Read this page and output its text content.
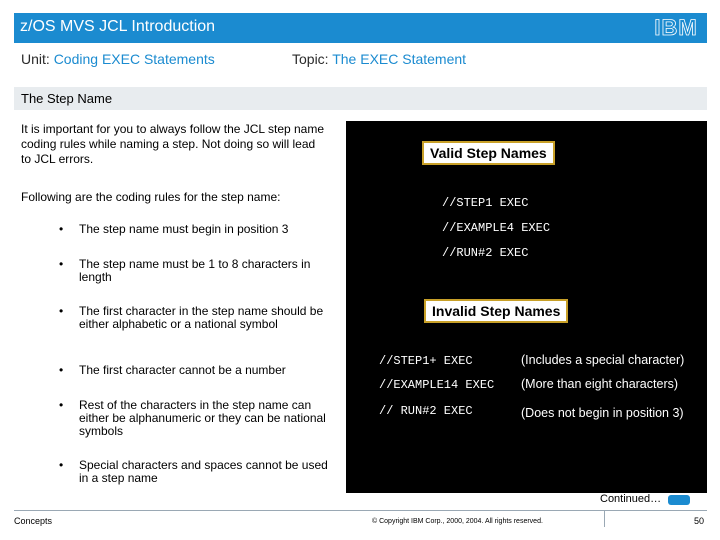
z/OS MVS JCL Introduction	IBM
Unit: Coding EXEC Statements	Topic: The EXEC Statement
The Step Name
It is important for you to always follow the JCL step name coding rules while naming a step. Not doing so will lead to JCL errors.
Following are the coding rules for the step name:
• The step name must begin in position 3
• The step name must be 1 to 8 characters in length
• The first character in the step name should be either alphabetic or a national symbol
• The first character cannot be a number
• Rest of the characters in the step name can either be alphanumeric or they can be national symbols
• Special characters and spaces cannot be used in a step name
Valid Step Names
//STEP1 EXEC
//EXAMPLE4 EXEC
//RUN#2 EXEC
Invalid Step Names
//STEP1+ EXEC	(Includes a special character)
//EXAMPLE14 EXEC (More than eight characters)
// RUN#2 EXEC	(Does not begin in position 3)
Continued…
Concepts	© Copyright IBM Corp., 2000, 2004. All rights reserved.	50
